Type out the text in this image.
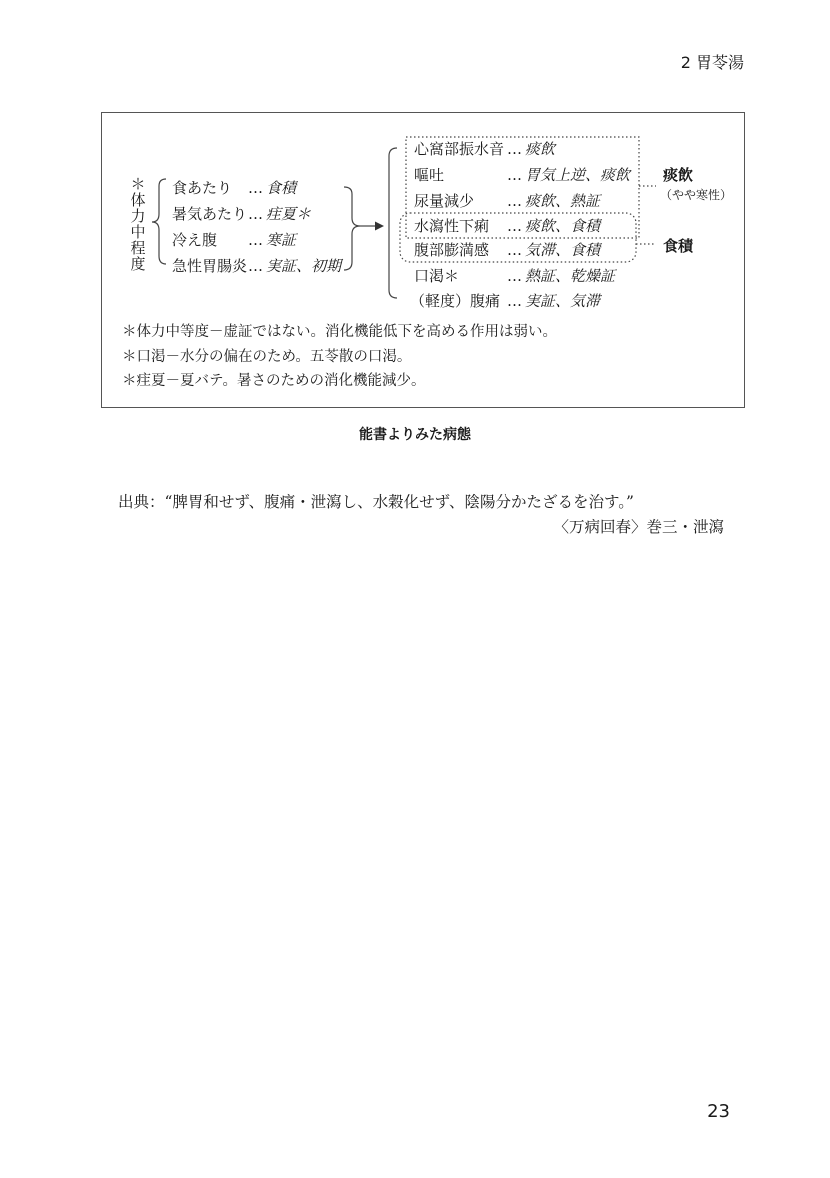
2 胃苓湯
＊体力中程度
食あたり … 食積
暑気あたり … 疰夏＊
冷え腹 … 寒証
急性胃腸炎 … 実証、初期
心窩部振水音 … 痰飲
嘔吐	… 胃気上逆、痰飲
尿量減少 … 痰飲、熱証
水瀉性下痢 … 痰飲、食積
腹部膨満感 … 気滞、食積
口渇＊	… 熱証、乾燥証
（軽度）腹痛 … 実証、気滞
痰飲
（やや寒性）
食積
＊体力中等度－虚証ではない。消化機能低下を高める作用は弱い。
＊口渇－水分の偏在のため。五苓散の口渇。
＊疰夏－夏バテ。暑さのための消化機能減少。
能書よりみた病態
出典：“脾胃和せず、腹痛・泄瀉し、水穀化せず、陰陽分かたざるを治す。”
〈万病回春〉巻三・泄瀉
23
